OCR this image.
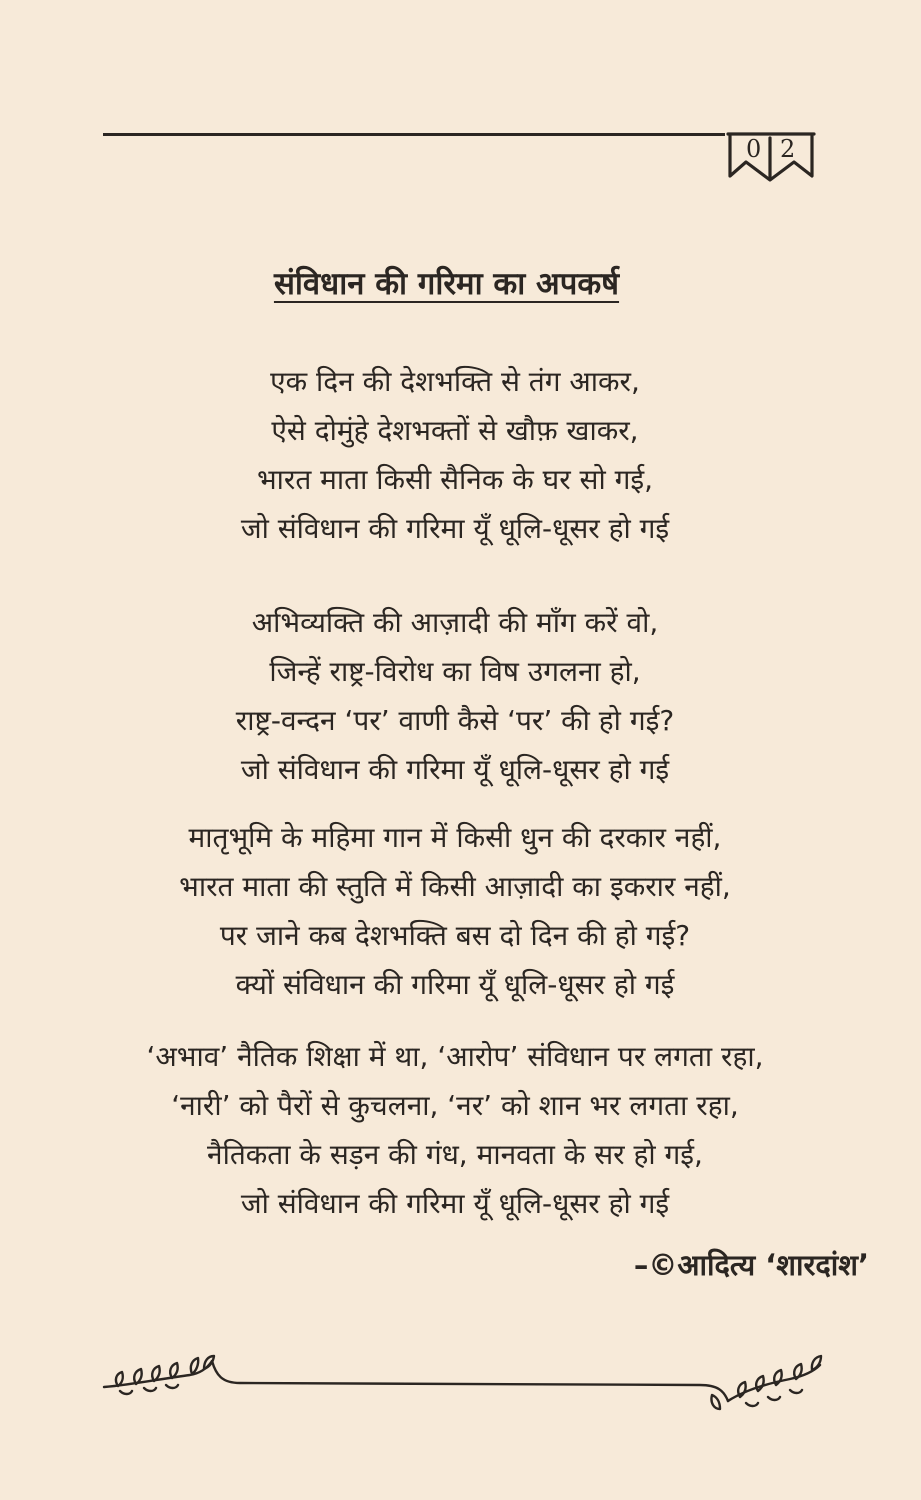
0 2
संविधान की गरिमा का अपकर्ष
एक दिन की देशभक्ति से तंग आकर,
ऐसे दोमुंहे देशभक्तों से खौफ़ खाकर,
भारत माता किसी सैनिक के घर सो गई,
जो संविधान की गरिमा यूँ धूलि-धूसर हो गई
अभिव्यक्ति की आज़ादी की माँग करें वो,
जिन्हें राष्ट्र-विरोध का विष उगलना हो,
राष्ट्र-वन्दन ‘पर’ वाणी कैसे ‘पर’ की हो गई?
जो संविधान की गरिमा यूँ धूलि-धूसर हो गई
मातृभूमि के महिमा गान में किसी धुन की दरकार नहीं,
भारत माता की स्तुति में किसी आज़ादी का इकरार नहीं,
पर जाने कब देशभक्ति बस दो दिन की हो गई?
क्यों संविधान की गरिमा यूँ धूलि-धूसर हो गई
‘अभाव’ नैतिक शिक्षा में था, ‘आरोप’ संविधान पर लगता रहा,
‘नारी’ को पैरों से कुचलना, ‘नर’ को शान भर लगता रहा,
नैतिकता के सड़न की गंध, मानवता के सर हो गई,
जो संविधान की गरिमा यूँ धूलि-धूसर हो गई
–©आदित्य ‘शारदांश’
